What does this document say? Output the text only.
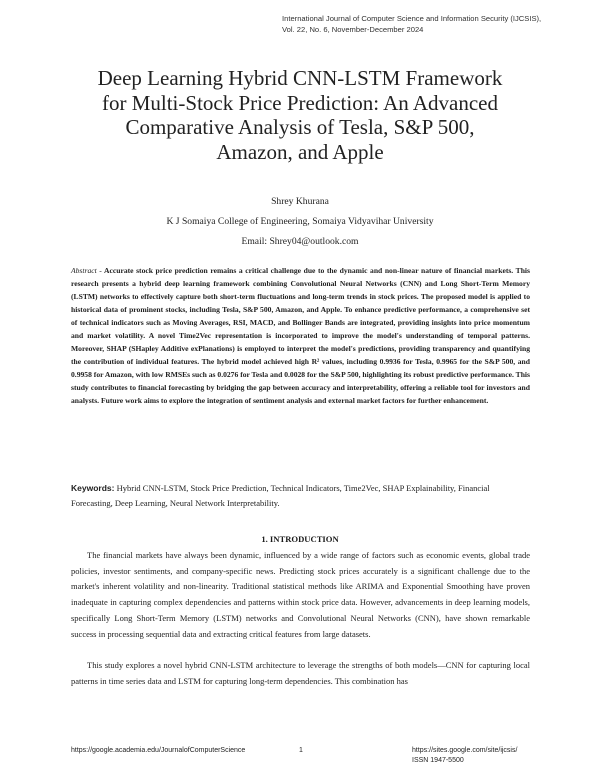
International Journal of Computer Science and Information Security (IJCSIS),
Vol. 22, No. 6, November-December 2024
Deep Learning Hybrid CNN-LSTM Framework
for Multi-Stock Price Prediction: An Advanced
Comparative Analysis of Tesla, S&P 500,
Amazon, and Apple
Shrey Khurana
K J Somaiya College of Engineering, Somaiya Vidyavihar University
Email: Shrey04@outlook.com
Abstract - Accurate stock price prediction remains a critical challenge due to the dynamic and non-linear nature of financial markets. This research presents a hybrid deep learning framework combining Convolutional Neural Networks (CNN) and Long Short-Term Memory (LSTM) networks to effectively capture both short-term fluctuations and long-term trends in stock prices. The proposed model is applied to historical data of prominent stocks, including Tesla, S&P 500, Amazon, and Apple. To enhance predictive performance, a comprehensive set of technical indicators such as Moving Averages, RSI, MACD, and Bollinger Bands are integrated, providing insights into price momentum and market volatility. A novel Time2Vec representation is incorporated to improve the model's understanding of temporal patterns. Moreover, SHAP (SHapley Additive exPlanations) is employed to interpret the model's predictions, providing transparency and quantifying the contribution of individual features. The hybrid model achieved high R² values, including 0.9936 for Tesla, 0.9965 for the S&P 500, and 0.9958 for Amazon, with low RMSEs such as 0.0276 for Tesla and 0.0028 for the S&P 500, highlighting its robust predictive performance. This study contributes to financial forecasting by bridging the gap between accuracy and interpretability, offering a reliable tool for investors and analysts. Future work aims to explore the integration of sentiment analysis and external market factors for further enhancement.
Keywords: Hybrid CNN-LSTM, Stock Price Prediction, Technical Indicators, Time2Vec, SHAP Explainability, Financial Forecasting, Deep Learning, Neural Network Interpretability.
1. INTRODUCTION
The financial markets have always been dynamic, influenced by a wide range of factors such as economic events, global trade policies, investor sentiments, and company-specific news. Predicting stock prices accurately is a significant challenge due to the market's inherent volatility and non-linearity. Traditional statistical methods like ARIMA and Exponential Smoothing have proven inadequate in capturing complex dependencies and patterns within stock price data. However, advancements in deep learning models, specifically Long Short-Term Memory (LSTM) networks and Convolutional Neural Networks (CNN), have shown remarkable success in processing sequential data and extracting critical features from large datasets.
This study explores a novel hybrid CNN-LSTM architecture to leverage the strengths of both models—CNN for capturing local patterns in time series data and LSTM for capturing long-term dependencies. This combination has
https://google.academia.edu/JournalofComputerScience	1	https://sites.google.com/site/ijcsis/
ISSN 1947-5500
